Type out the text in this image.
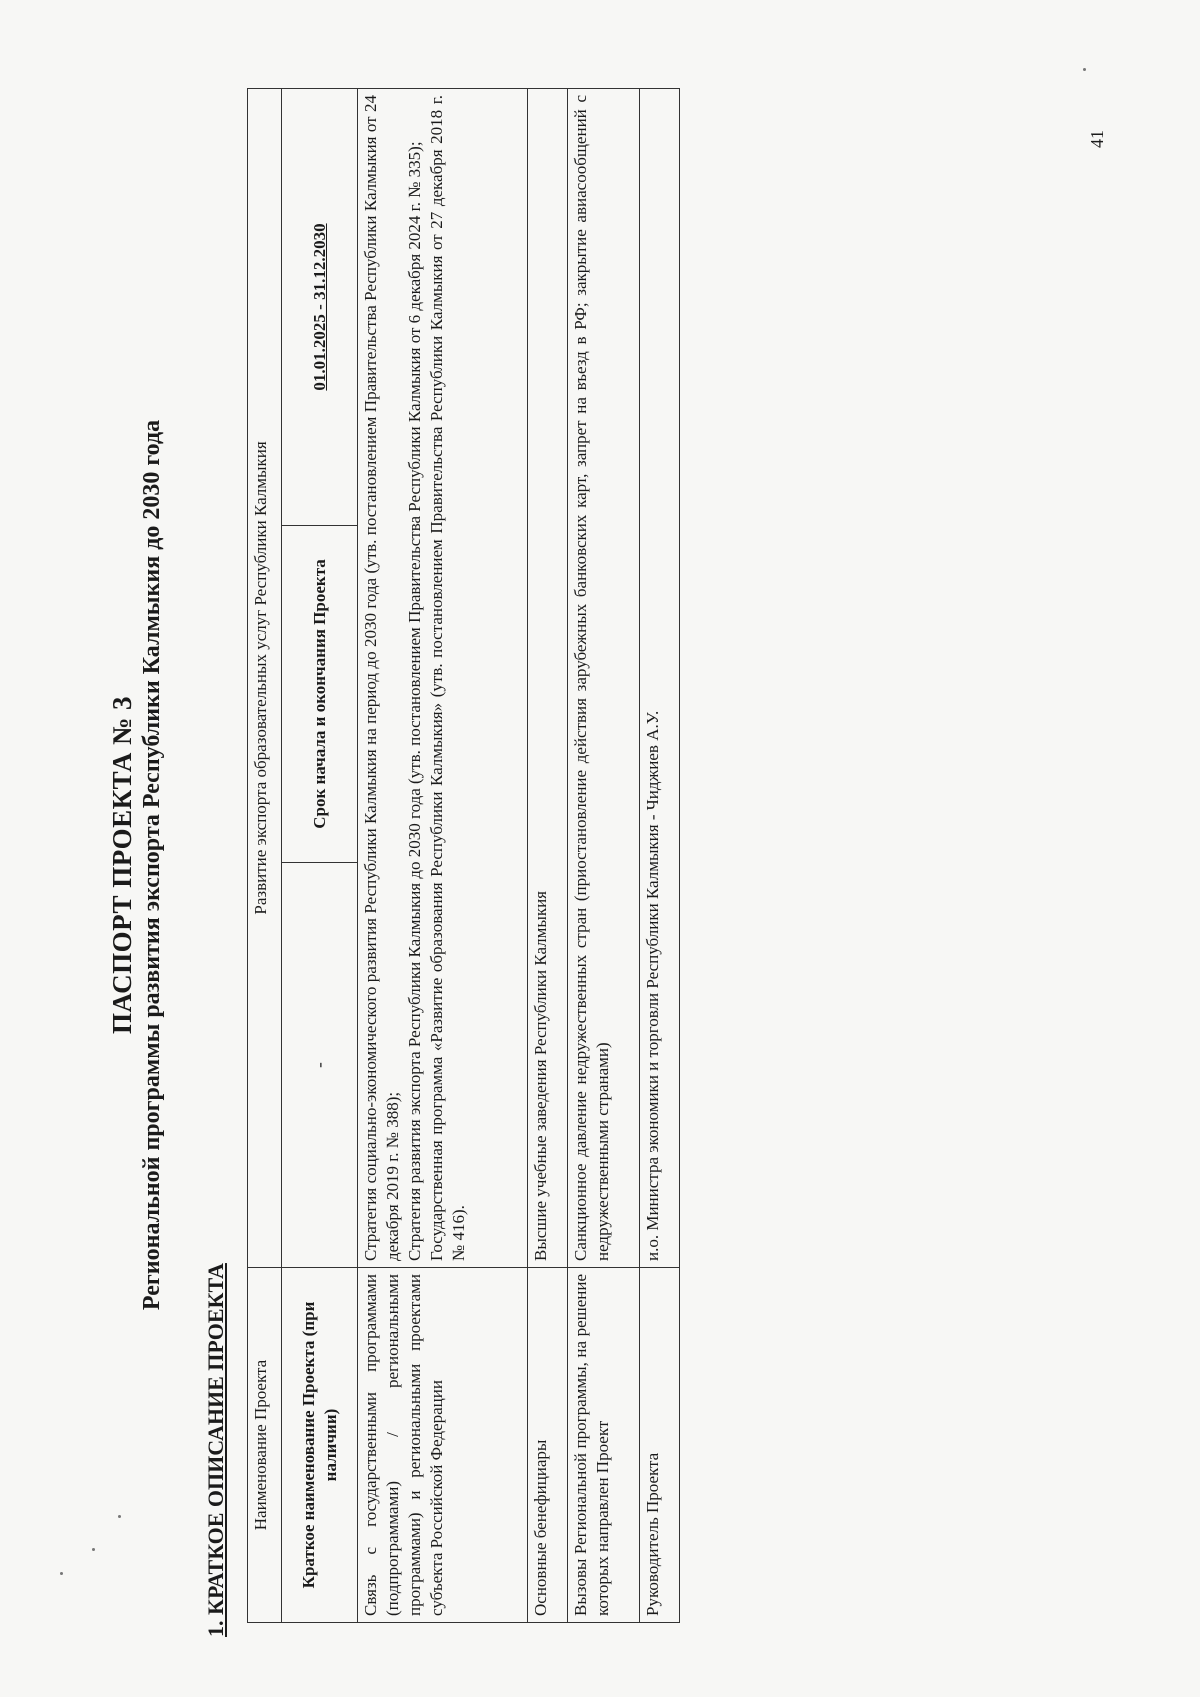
ПАСПОРТ ПРОЕКТА № 3 Региональной программы развития экспорта Республики Калмыкия до 2030 года
1. КРАТКОЕ ОПИСАНИЕ ПРОЕКТА Наименование Проекта	Развитие экспорта образовательных услуг Республики Калмыкия		
Краткое наименование Проекта (при наличии)	-	Срок начала и окончания Проекта	01.01.2025 - 31.12.2030
Связь с государственными программами (подпрограммами) / региональными программами) и региональными проектами субъекта Российской Федерации	Стратегия социально-экономического развития Республики Калмыкия на период до 2030 года (утв. постановлением Правительства Республики Калмыкия от 24 декабря 2019 г. № 388); Стратегия развития экспорта Республики Калмыкия до 2030 года (утв. постановлением Правительства Республики Калмыкия от 6 декабря 2024 г. № 335); Государственная программа «Развитие образования Республики Калмыкия» (утв. постановлением Правительства Республики Калмыкия от 27 декабря 2018 г. № 416).		

Основные бенефициары	Высшие учебные заведения Республики Калмыкия		
Вызовы Региональной программы, на решение которых направлен Проект	Санкционное давление недружественных стран (приостановление действия зарубежных банковских карт, запрет на въезд в РФ; закрытие авиасообщений с недружественными странами)		
Руководитель Проекта	и.о. Министра экономики и торговли Республики Калмыкия - Чиджиев А.У.		
41
